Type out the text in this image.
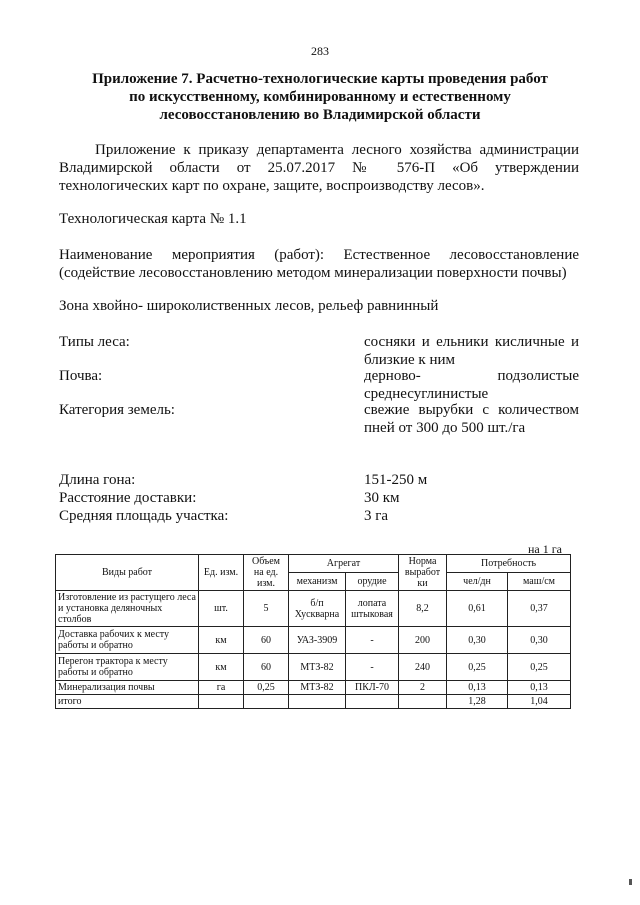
283
Приложение 7. Расчетно-технологические карты проведения работ
по искусственному, комбинированному и естественному
лесовосстановлению во Владимирской области
Приложение к приказу департамента лесного хозяйства администрации Владимирской области от 25.07.2017 № 576-П «Об утверждении технологических карт по охране, защите, воспроизводству лесов».
Технологическая карта № 1.1
Наименование мероприятия (работ): Естественное лесовосстановление (содействие лесовосстановлению методом минерализации поверхности почвы)
Зона хвойно- широколиственных лесов, рельеф равнинный
Типы леса:	сосняки и ельники кисличные и близкие к ним
Почва:	дерново- подзолистые среднесуглинистые
Категория земель:	свежие вырубки с количеством пней от 300 до 500 шт./га
Длина гона:	151-250 м
Расстояние доставки:	30 км
Средняя площадь участка:	3 га
на 1 га
Виды работ	Ед. изм.	Объем на ед. изм.	Агрегат		Норма выработ ки	Потребность	
			механизм	орудие		чел/дн	маш/см
Изготовление из растущего леса и установка деляночных столбов	шт.	5	б/п Хускварна	лопата штыковая	8,2	0,61	0,37
Доставка рабочих к месту работы и обратно	км	60	УАЗ-3909	-	200	0,30	0,30
Перегон трактора к месту работы и обратно	км	60	МТЗ-82	-	240	0,25	0,25
Минерализация почвы	га	0,25	МТЗ-82	ПКЛ-70	2	0,13	0,13
итого						1,28	1,04
